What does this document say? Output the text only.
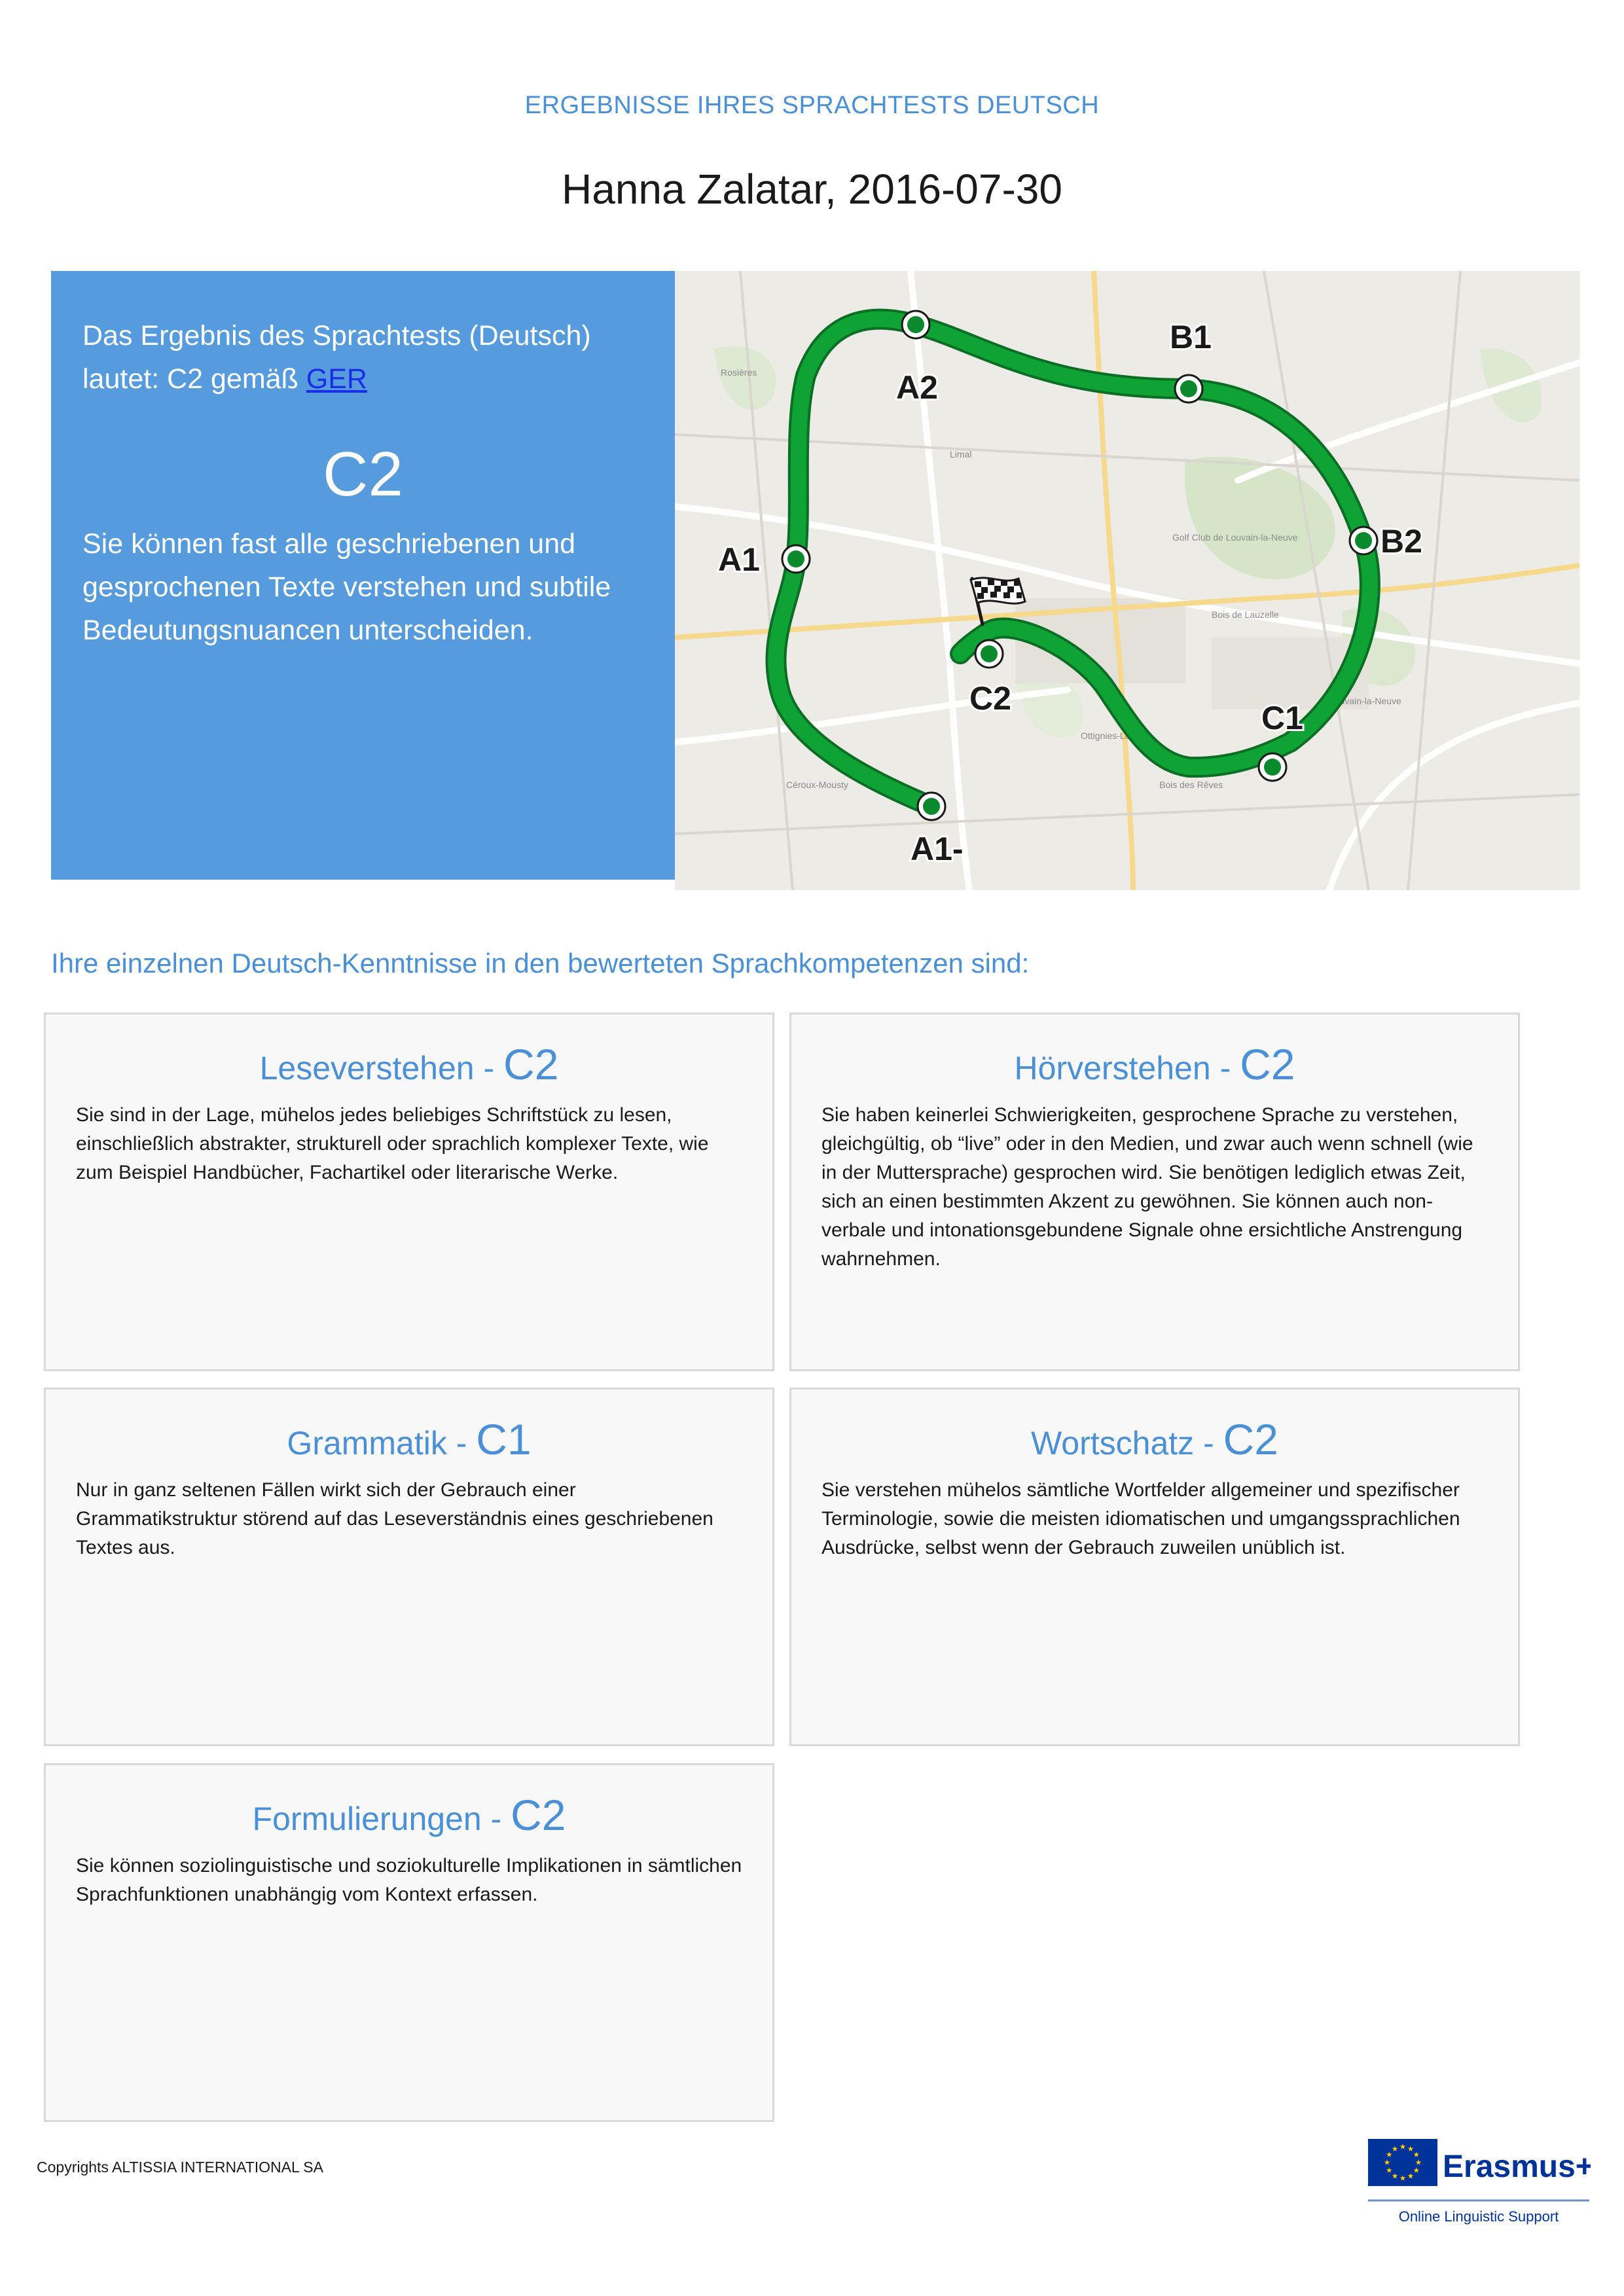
ERGEBNISSE IHRES SPRACHTESTS DEUTSCH
Hanna Zalatar, 2016-07-30
Das Ergebnis des Sprachtests (Deutsch) lautet: C2 gemäß GER
C2
Sie können fast alle geschriebenen und gesprochenen Texte verstehen und subtile Bedeutungsnuancen unterscheiden.
Ottignies-Louvain
Golf Club de Louvain-la-Neuve
Louvain-la-Neuve
Bois de Lauzelle
Rosières
Limal
Céroux-Mousty	Bois des Rêves
A1-
A1
A2
B1
B2
C1
C2
Ihre einzelnen Deutsch-Kenntnisse in den bewerteten Sprachkompetenzen sind:
Leseverstehen - C2
Sie sind in der Lage, mühelos jedes beliebiges Schriftstück zu lesen, einschließlich abstrakter, strukturell oder sprachlich komplexer Texte, wie zum Beispiel Handbücher, Fachartikel oder literarische Werke.
Hörverstehen - C2
Sie haben keinerlei Schwierigkeiten, gesprochene Sprache zu verstehen, gleichgültig, ob “live” oder in den Medien, und zwar auch wenn schnell (wie in der Muttersprache) gesprochen wird. Sie benötigen lediglich etwas Zeit, sich an einen bestimmten Akzent zu gewöhnen. Sie können auch non-verbale und intonationsgebundene Signale ohne ersichtliche Anstrengung wahrnehmen.
Grammatik - C1
Nur in ganz seltenen Fällen wirkt sich der Gebrauch einer Grammatikstruktur störend auf das Leseverständnis eines geschriebenen Textes aus.
Wortschatz - C2
Sie verstehen mühelos sämtliche Wortfelder allgemeiner und spezifischer Terminologie, sowie die meisten idiomatischen und umgangssprachlichen Ausdrücke, selbst wenn der Gebrauch zuweilen unüblich ist.
Formulierungen - C2
Sie können soziolinguistische und soziokulturelle Implikationen in sämtlichen Sprachfunktionen unabhängig vom Kontext erfassen.
Copyrights ALTISSIA INTERNATIONAL SA	Erasmus+
Online Linguistic Support
